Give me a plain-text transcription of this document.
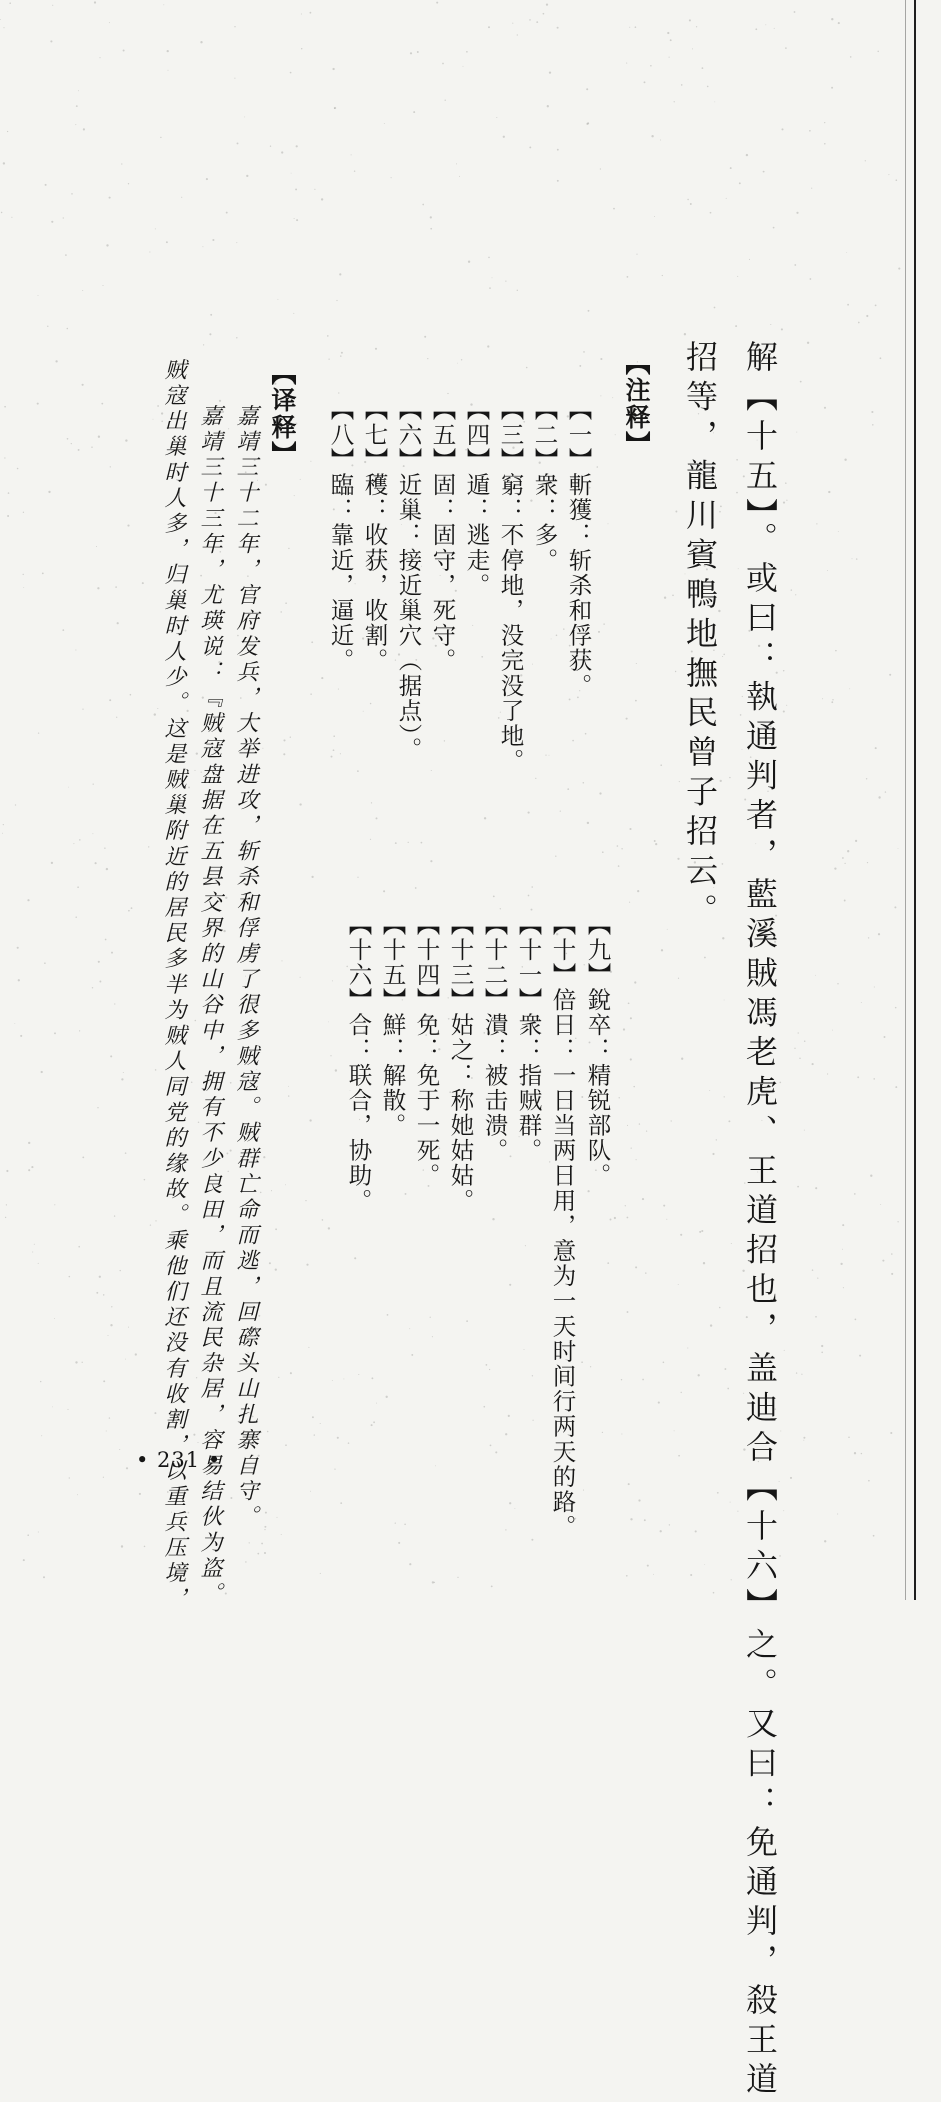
解【十五】。或曰：執通判者，藍溪賊馮老虎、王道招也，盖迪合【十六】之。又曰：免通判，殺王道
招等，龍川賓鴨地撫民曾子招云。
【注释】
【一】斬獲：斩杀和俘获。
【二】衆：多。
【三】窮：不停地，没完没了地。
【四】遁：逃走。
【五】固：固守，死守。
【六】近巢：接近巢穴（据点）。
【七】穫：收获，收割。
【八】臨：靠近，逼近。
【九】銳卒：精锐部队。
【十】倍日：一日当两日用，意为一天时间行两天的路。
【十一】衆：指贼群。
【十二】潰：被击溃。
【十三】姑之：称她姑姑。
【十四】免：免于一死。
【十五】鮮：解散。
【十六】合：联合，协助。
【译释】
嘉靖三十二年，官府发兵，大举进攻，斩杀和俘虏了很多贼寇。贼群亡命而逃，回磜头山扎寨自守。
嘉靖三十三年，尤瑛说：『贼寇盘据在五县交界的山谷中，拥有不少良田，而且流民杂居，容易结伙为盗。
贼寇出巢时人多，归巢时人少。这是贼巢附近的居民多半为贼人同党的缘故。乘他们还没有收割，以重兵压境，
• 231 •
